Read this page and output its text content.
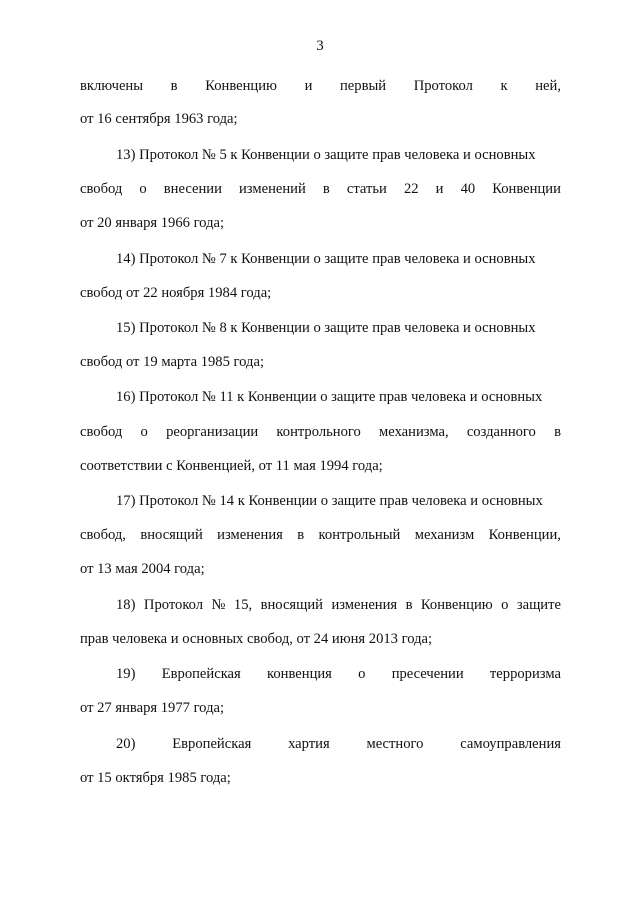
3
включены в Конвенцию и первый Протокол к ней,
от 16 сентября 1963 года;
13) Протокол № 5 к Конвенции о защите прав человека и основных
свобод о внесении изменений в статьи 22 и 40 Конвенции
от 20 января 1966 года;
14) Протокол № 7 к Конвенции о защите прав человека и основных
свобод от 22 ноября 1984 года;
15) Протокол № 8 к Конвенции о защите прав человека и основных
свобод от 19 марта 1985 года;
16) Протокол № 11 к Конвенции о защите прав человека и основных
свобод о реорганизации контрольного механизма, созданного в
соответствии с Конвенцией, от 11 мая 1994 года;
17) Протокол № 14 к Конвенции о защите прав человека и основных
свобод, вносящий изменения в контрольный механизм Конвенции,
от 13 мая 2004 года;
18) Протокол № 15, вносящий изменения в Конвенцию о защите
прав человека и основных свобод, от 24 июня 2013 года;
19) Европейская конвенция о пресечении терроризма
от 27 января 1977 года;
20)	Европейская	хартия	местного	самоуправления
от 15 октября 1985 года;
